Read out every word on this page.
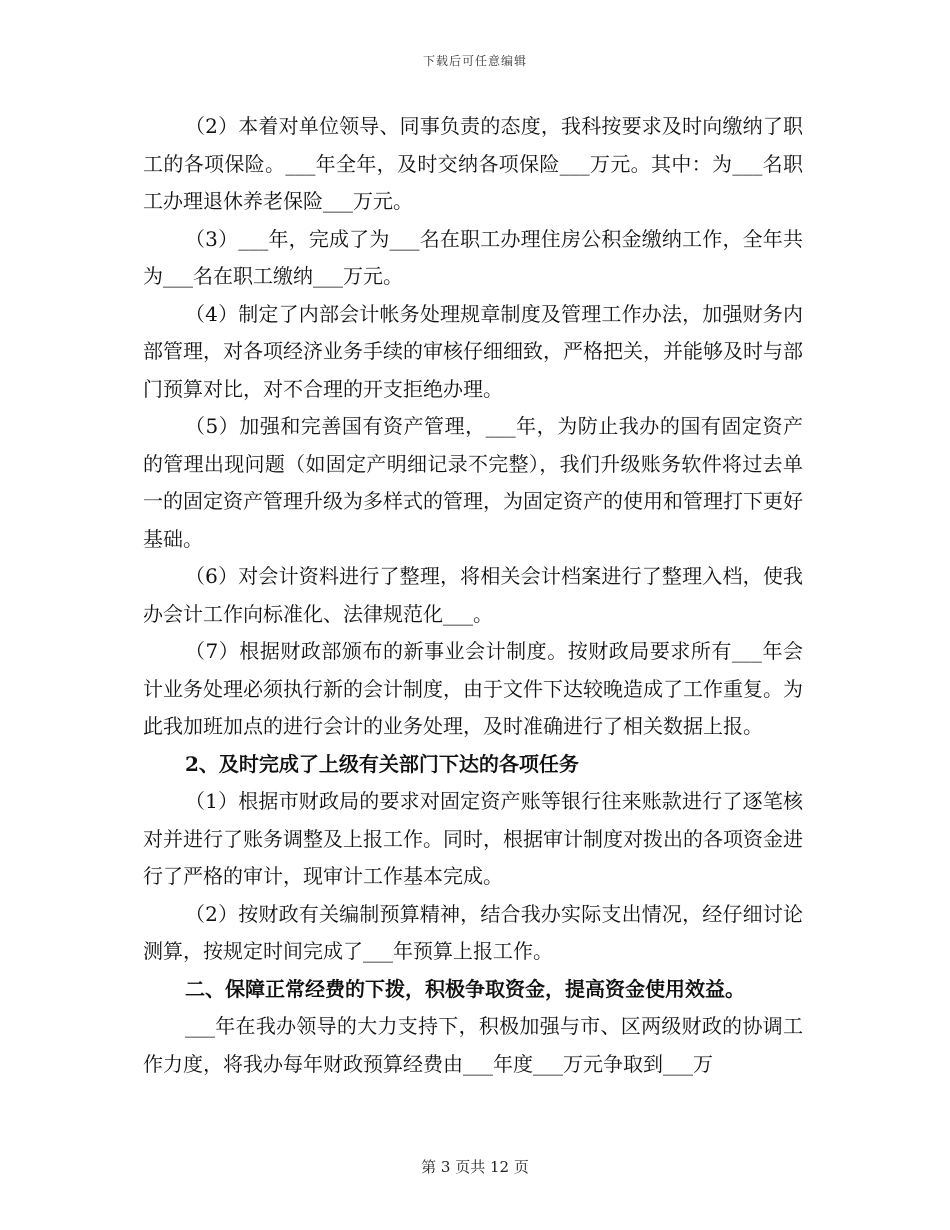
下载后可任意编辑

（2）本着对单位领导、同事负责的态度，我科按要求及时向缴纳了职工的各项保险。___年全年，及时交纳各项保险___万元。其中：为___名职工办理退休养老保险___万元。

（3）___年，完成了为___名在职工办理住房公积金缴纳工作，全年共为___名在职工缴纳___万元。

（4）制定了内部会计帐务处理规章制度及管理工作办法，加强财务内部管理，对各项经济业务手续的审核仔细细致，严格把关，并能够及时与部门预算对比，对不合理的开支拒绝办理。

（5）加强和完善国有资产管理，___年，为防止我办的国有固定资产的管理出现问题（如固定产明细记录不完整），我们升级账务软件将过去单一的固定资产管理升级为多样式的管理，为固定资产的使用和管理打下更好基础。

（6）对会计资料进行了整理，将相关会计档案进行了整理入档，使我办会计工作向标准化、法律规范化___。

（7）根据财政部颁布的新事业会计制度。按财政局要求所有___年会计业务处理必须执行新的会计制度，由于文件下达较晚造成了工作重复。为此我加班加点的进行会计的业务处理，及时准确进行了相关数据上报。

2、及时完成了上级有关部门下达的各项任务

（1）根据市财政局的要求对固定资产账等银行往来账款进行了逐笔核对并进行了账务调整及上报工作。同时，根据审计制度对拨出的各项资金进行了严格的审计，现审计工作基本完成。

（2）按财政有关编制预算精神，结合我办实际支出情况，经仔细讨论测算，按规定时间完成了___年预算上报工作。

二、保障正常经费的下拨，积极争取资金，提高资金使用效益。

___年在我办领导的大力支持下，积极加强与市、区两级财政的协调工作力度，将我办每年财政预算经费由___年度___万元争取到___万

第 3 页共 12 页
